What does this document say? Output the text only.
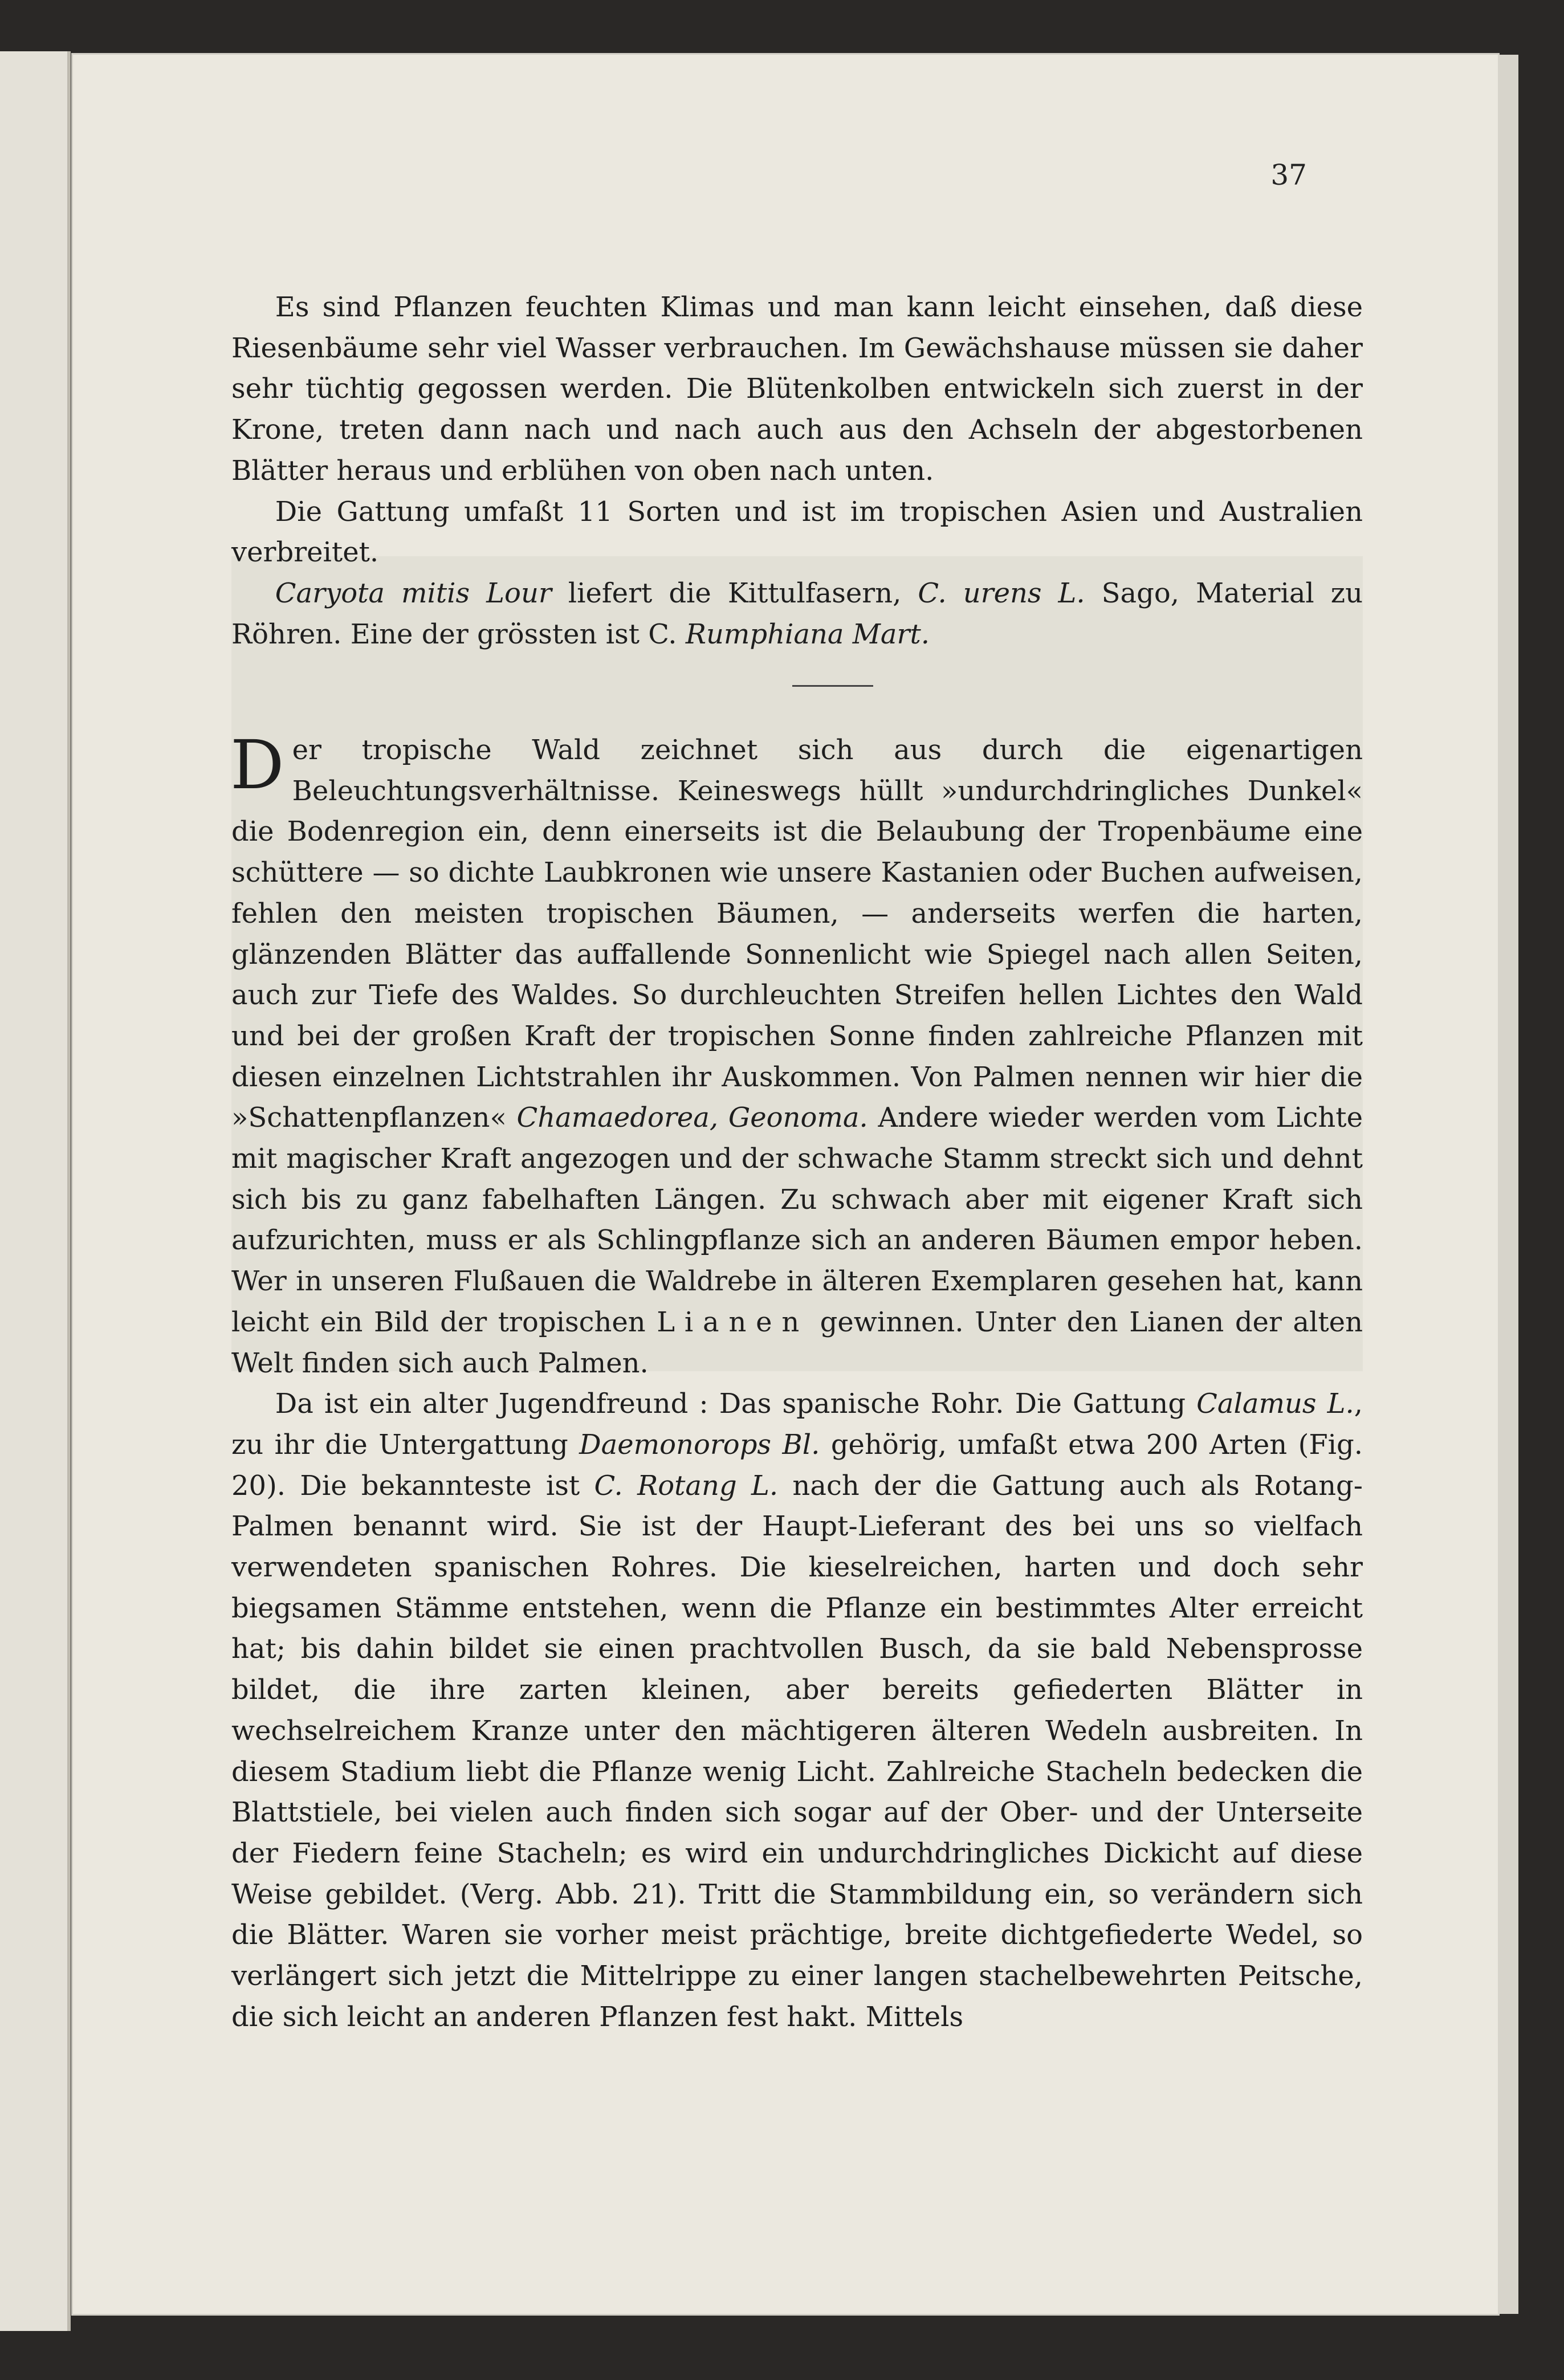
37

Es sind Pflanzen feuchten Klimas und man kann leicht einsehen, daß diese Riesenbäume sehr viel Wasser verbrauchen. Im Gewächshause müssen sie daher sehr tüchtig gegossen werden. Die Blütenkolben entwickeln sich zuerst in der Krone, treten dann nach und nach auch aus den Achseln der abgestorbenen Blätter heraus und erblühen von oben nach unten.

Die Gattung umfaßt 11 Sorten und ist im tropischen Asien und Australien verbreitet.

Caryota mitis Lour liefert die Kittulfasern, C. urens L. Sago, Material zu Röhren. Eine der grössten ist C. Rumphiana Mart.

Der tropische Wald zeichnet sich aus durch die eigenartigen Beleuchtungsverhältnisse. Keineswegs hüllt »undurchdringliches Dunkel« die Bodenregion ein, denn einerseits ist die Belaubung der Tropenbäume eine schüttere — so dichte Laubkronen wie unsere Kastanien oder Buchen aufweisen, fehlen den meisten tropischen Bäumen, — anderseits werfen die harten, glänzenden Blätter das auffallende Sonnenlicht wie Spiegel nach allen Seiten, auch zur Tiefe des Waldes. So durchleuchten Streifen hellen Lichtes den Wald und bei der großen Kraft der tropischen Sonne finden zahlreiche Pflanzen mit diesen einzelnen Lichtstrahlen ihr Auskommen. Von Palmen nennen wir hier die »Schattenpflanzen« Chamaedorea, Geonoma. Andere wieder werden vom Lichte mit magischer Kraft angezogen und der schwache Stamm streckt sich und dehnt sich bis zu ganz fabelhaften Längen. Zu schwach aber mit eigener Kraft sich aufzurichten, muss er als Schlingpflanze sich an anderen Bäumen empor heben. Wer in unseren Flußauen die Waldrebe in älteren Exemplaren gesehen hat, kann leicht ein Bild der tropischen Lianen gewinnen. Unter den Lianen der alten Welt finden sich auch Palmen.

Da ist ein alter Jugendfreund : Das spanische Rohr. Die Gattung Calamus L., zu ihr die Untergattung Daemonorops Bl. gehörig, umfaßt etwa 200 Arten (Fig. 20). Die bekannteste ist C. Rotang L. nach der die Gattung auch als Rotang-Palmen benannt wird. Sie ist der Haupt-Lieferant des bei uns so vielfach verwendeten spanischen Rohres. Die kieselreichen, harten und doch sehr biegsamen Stämme entstehen, wenn die Pflanze ein bestimmtes Alter erreicht hat; bis dahin bildet sie einen prachtvollen Busch, da sie bald Nebensprosse bildet, die ihre zarten kleinen, aber bereits gefiederten Blätter in wechselreichem Kranze unter den mächtigeren älteren Wedeln ausbreiten. In diesem Stadium liebt die Pflanze wenig Licht. Zahlreiche Stacheln bedecken die Blattstiele, bei vielen auch finden sich sogar auf der Ober- und der Unterseite der Fiedern feine Stacheln; es wird ein undurchdringliches Dickicht auf diese Weise gebildet. (Verg. Abb. 21). Tritt die Stammbildung ein, so verändern sich die Blätter. Waren sie vorher meist prächtige, breite dichtgefiederte Wedel, so verlängert sich jetzt die Mittelrippe zu einer langen stachelbewehrten Peitsche, die sich leicht an anderen Pflanzen fest hakt. Mittels
